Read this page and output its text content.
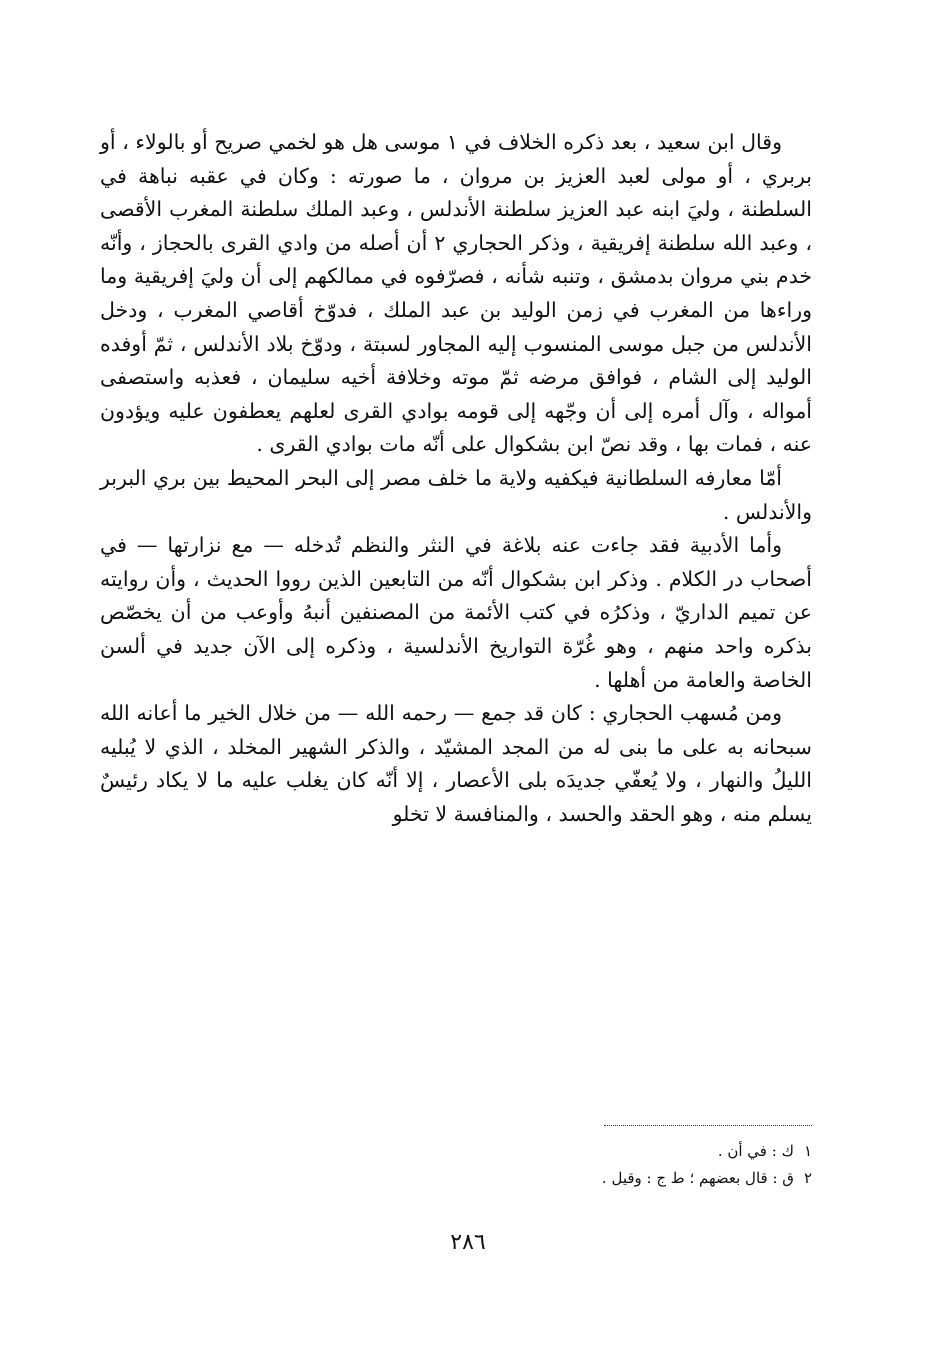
وقال ابن سعيد ، بعد ذكره الخلاف في ١ موسى هل هو لخمي صريح أو بالولاء ، أو بربري ، أو مولى لعبد العزيز بن مروان ، ما صورته : وكان في عقبه نباهة في السلطنة ، وليَ ابنه عبد العزيز سلطنة الأندلس ، وعبد الملك سلطنة المغرب الأقصى ، وعبد الله سلطنة إفريقية ، وذكر الحجاري ٢ أن أصله من وادي القرى بالحجاز ، وأنّه خدم بني مروان بدمشق ، وتنبه شأنه ، فصرّفوه في ممالكهم إلى أن وليَ إفريقية وما وراءها من المغرب في زمن الوليد بن عبد الملك ، فدوّخ أقاصي المغرب ، ودخل الأندلس من جبل موسى المنسوب إليه المجاور لسبتة ، ودوّخ بلاد الأندلس ، ثمّ أوفده الوليد إلى الشام ، فوافق مرضه ثمّ موته وخلافة أخيه سليمان ، فعذبه واستصفى أمواله ، وآل أمره إلى أن وجّهه إلى قومه بوادي القرى لعلهم يعطفون عليه ويؤدون عنه ، فمات بها ، وقد نصّ ابن بشكوال على أنّه مات بوادي القرى .

أمّا معارفه السلطانية فيكفيه ولاية ما خلف مصر إلى البحر المحيط بين بري البربر والأندلس .

وأما الأدبية فقد جاءت عنه بلاغة في النثر والنظم تُدخله — مع نزارتها — في أصحاب در الكلام . وذكر ابن بشكوال أنّه من التابعين الذين رووا الحديث ، وأن روايته عن تميم الداريّ ، وذكرُه في كتب الأئمة من المصنفين أنبهُ وأوعب من أن يخصّص بذكره واحد منهم ، وهو غُرّة التواريخ الأندلسية ، وذكره إلى الآن جديد في ألسن الخاصة والعامة من أهلها .

ومن مُسهب الحجاري : كان قد جمع — رحمه الله — من خلال الخير ما أعانه الله سبحانه به على ما بنى له من المجد المشيّد ، والذكر الشهير المخلد ، الذي لا يُبليه الليلُ والنهار ، ولا يُعفّي جديدَه بلى الأعصار ، إلا أنّه كان يغلب عليه ما لا يكاد رئيسٌ يسلم منه ، وهو الحقد والحسد ، والمنافسة لا تخلو

١ك : في أن .
٢ق : قال بعضهم ؛ ط ج : وقيل .
٢٨٦
